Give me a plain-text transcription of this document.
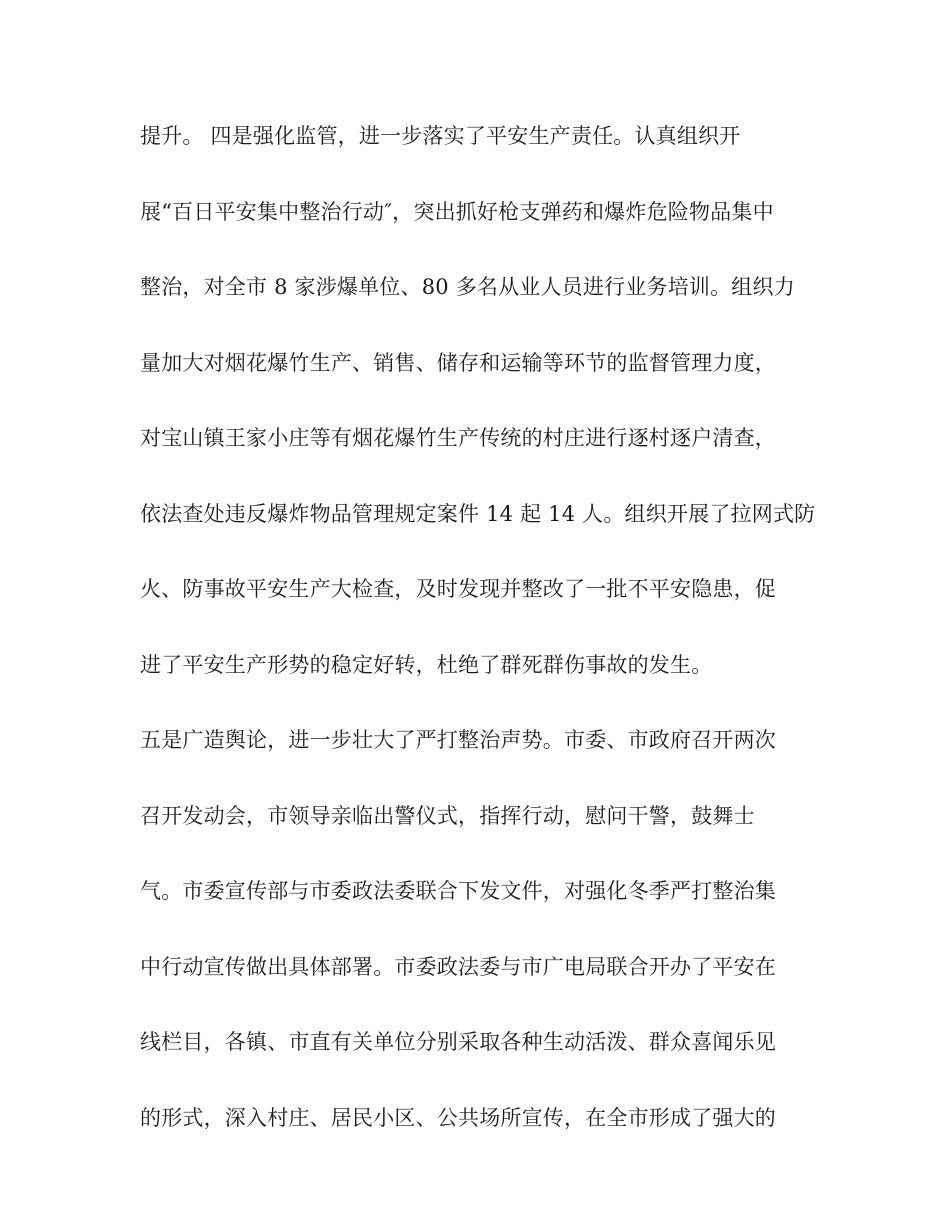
提升。 四是强化监管，进一步落实了平安生产责任。认真组织开
展“百日平安集中整治行动″，突出抓好枪支弹药和爆炸危险物品集中
整治，对全市 8 家涉爆单位、80 多名从业人员进行业务培训。组织力
量加大对烟花爆竹生产、销售、储存和运输等环节的监督管理力度，
对宝山镇王家小庄等有烟花爆竹生产传统的村庄进行逐村逐户清查，
依法查处违反爆炸物品管理规定案件 14 起 14 人。组织开展了拉网式防
火、防事故平安生产大检查，及时发现并整改了一批不平安隐患，促
进了平安生产形势的稳定好转，杜绝了群死群伤事故的发生。
五是广造舆论，进一步壮大了严打整治声势。市委、市政府召开两次
召开发动会，市领导亲临出警仪式，指挥行动，慰问干警，鼓舞士
气。市委宣传部与市委政法委联合下发文件，对强化冬季严打整治集
中行动宣传做出具体部署。市委政法委与市广电局联合开办了平安在
线栏目，各镇、市直有关单位分别采取各种生动活泼、群众喜闻乐见
的形式，深入村庄、居民小区、公共场所宣传，在全市形成了强大的
